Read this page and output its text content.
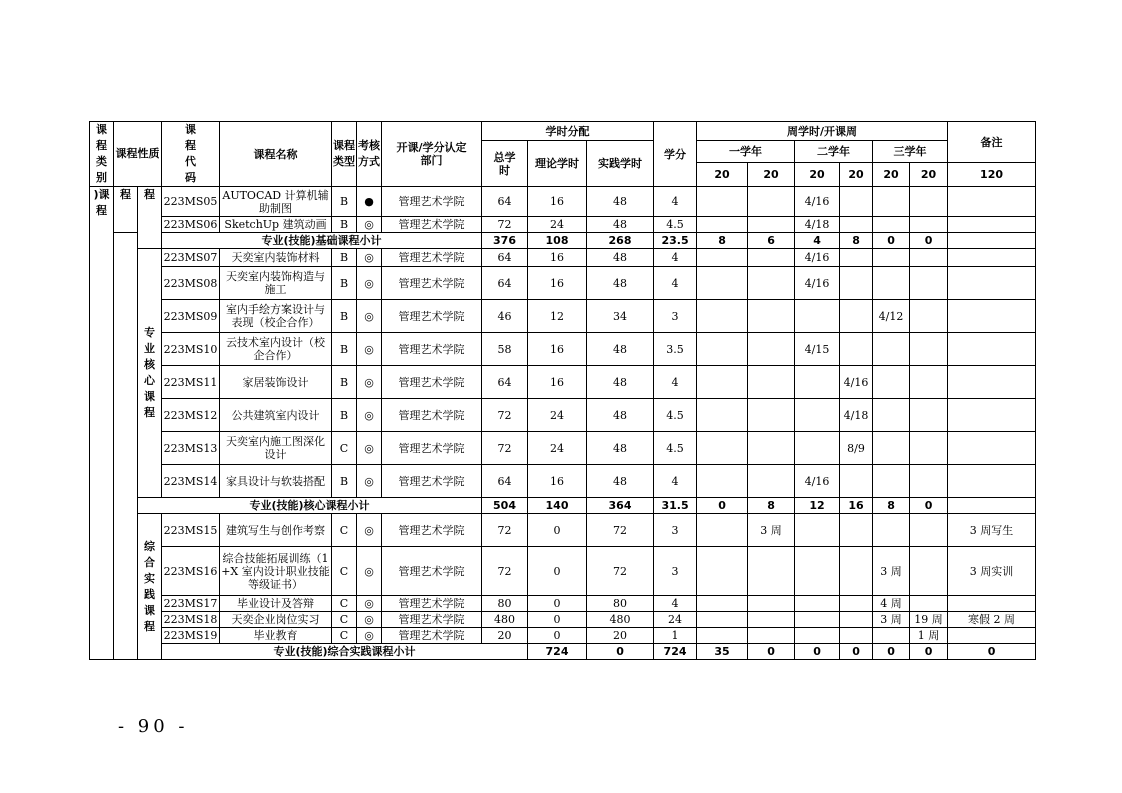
课程类别	课程性质		课程代码	课程名称	课程类型	考核方式	开课/学分认定部门	学时分配			学分	周学时/开课周						备注	
								总学时	理论学时	实践学时		一学年		二学年		三学年			
												20	20	20	20	20	20	120	
)课程	程	程	223MS05	AUTOCAD 计算机辅助制图	B	●	管理艺术学院	64	16	48	4			4/16					
			223MS06	SketchUp 建筑动画	B	◎	管理艺术学院	72	24	48	4.5			4/18					
			专业(技能)基础课程小计					376	108	268	23.5	8	6	4	8	0	0		
		专业核心课程	223MS07	天奕室内装饰材料	B	◎	管理艺术学院	64	16	48	4			4/16					
			223MS08	天奕室内装饰构造与施工	B	◎	管理艺术学院	64	16	48	4			4/16					
			223MS09	室内手绘方案设计与表现（校企合作）	B	◎	管理艺术学院	46	12	34	3					4/12			
			223MS10	云技术室内设计（校企合作）	B	◎	管理艺术学院	58	16	48	3.5			4/15					
			223MS11	家居装饰设计	B	◎	管理艺术学院	64	16	48	4				4/16				
			223MS12	公共建筑室内设计	B	◎	管理艺术学院	72	24	48	4.5				4/18				
			223MS13	天奕室内施工图深化设计	C	◎	管理艺术学院	72	24	48	4.5				8/9				
			223MS14	家具设计与软装搭配	B	◎	管理艺术学院	64	16	48	4			4/16					
		专业(技能)核心课程小计						504	140	364	31.5	0	8	12	16	8	0		
		综合实践课程	223MS15	建筑写生与创作考察	C	◎	管理艺术学院	72	0	72	3		3 周					3 周写生	
			223MS16	综合技能拓展训练（1+X 室内设计职业技能等级证书）	C	◎	管理艺术学院	72	0	72	3					3 周		3 周实训	
			223MS17	毕业设计及答辩	C	◎	管理艺术学院	80	0	80	4					4 周			
			223MS18	天奕企业岗位实习	C	◎	管理艺术学院	480	0	480	24					3 周	19 周	寒假 2 周	
			223MS19	毕业教育	C	◎	管理艺术学院	20	0	20	1						1 周		
			专业(技能)综合实践课程小计						724	0	724	35	0	0	0	0	0	0	
- 90 -
